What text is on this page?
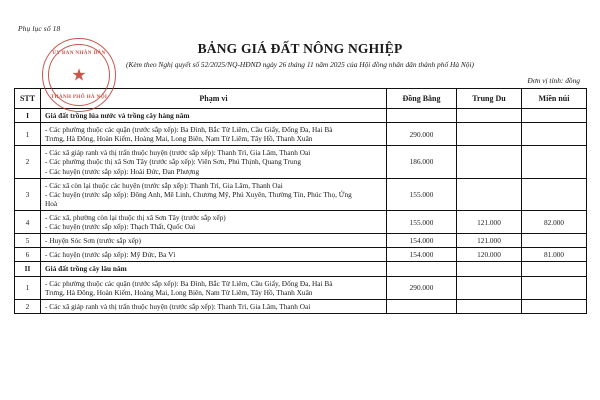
Phụ lục số 18
ỦY BAN NHÂN DÂN
★
THÀNH PHỐ HÀ NỘI
BẢNG GIÁ ĐẤT NÔNG NGHIỆP
(Kèm theo Nghị quyết số 52/2025/NQ-HĐND ngày 26 tháng 11 năm 2025 của Hội đồng nhân dân thành phố Hà Nội)
Đơn vị tính: đồng
STT	Phạm vi	Đồng Bằng	Trung Du	Miền núi
I	Giá đất trồng lúa nước và trồng cây hàng năm			

1	- Các phường thuộc các quận (trước sắp xếp): Ba Đình, Bắc Từ Liêm, Cầu Giấy, Đống Đa, Hai Bà
Trưng, Hà Đông, Hoàn Kiếm, Hoàng Mai, Long Biên, Nam Từ Liêm, Tây Hồ, Thanh Xuân	290.000		
2	- Các xã giáp ranh và thị trấn thuộc huyện (trước sắp xếp): Thanh Trì, Gia Lâm, Thanh Oai
- Các phường thuộc thị xã Sơn Tây (trước sắp xếp): Viên Sơn, Phú Thịnh, Quang Trung
- Các huyện (trước sắp xếp): Hoài Đức, Đan Phượng	186.000		
3	- Các xã còn lại thuộc các huyện (trước sắp xếp): Thanh Trì, Gia Lâm, Thanh Oai
- Các huyện (trước sắp xếp): Đông Anh, Mê Linh, Chương Mỹ, Phú Xuyên, Thường Tín, Phúc Thọ, Ứng
Hoà	155.000		
4	- Các xã, phường còn lại thuộc thị xã Sơn Tây (trước sắp xếp)
- Các huyện (trước sắp xếp): Thạch Thất, Quốc Oai	155.000	121.000	82.000
5	- Huyện Sóc Sơn (trước sắp xếp)	154.000	121.000	
6	- Các huyện (trước sắp xếp): Mỹ Đức, Ba Vì	154.000	120.000	81.000
II	Giá đất trồng cây lâu năm			

1	- Các phường thuộc các quận (trước sắp xếp): Ba Đình, Bắc Từ Liêm, Cầu Giấy, Đống Đa, Hai Bà
Trưng, Hà Đông, Hoàn Kiếm, Hoàng Mai, Long Biên, Nam Từ Liêm, Tây Hồ, Thanh Xuân	290.000		
2	- Các xã giáp ranh và thị trấn thuộc huyện (trước sắp xếp): Thanh Trì, Gia Lâm, Thanh Oai			
